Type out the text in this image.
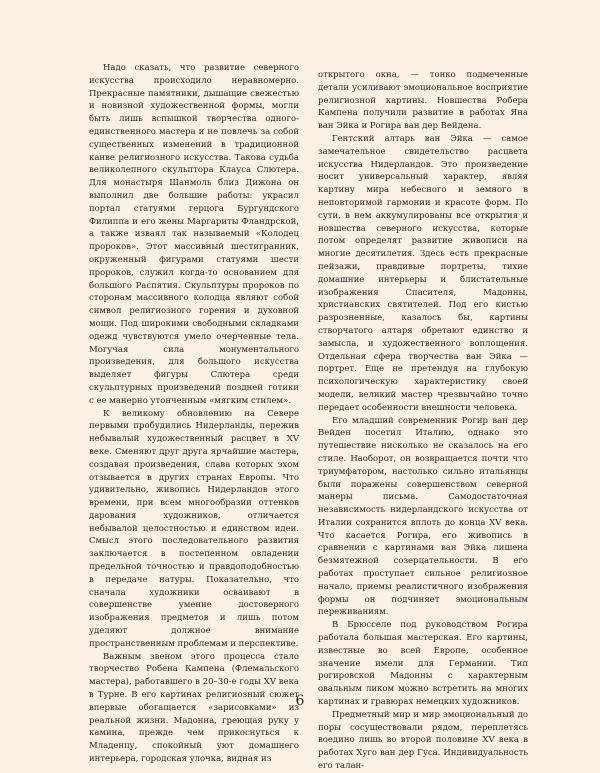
Надо сказать, что развитие северного искусства происходило неравномерно. Прекрасные памятники, дышащие свежестью и новизной художественной формы, могли быть лишь вспышкой творчества одного-единственного мастера и не повлечь за собой существенных изменений в традиционной канве религиозного искусства. Такова судьба великолепного скульптора Клауса Слютера. Для монастыря Шанмоль близ Дижона он выполнил две большие работы: украсил портал статуями герцога Бургундского Филиппа и его жены Маргариты Фландрской, а также изваял так называемый «Колодец пророков». Этот массивный шестигранник, окруженный фигурами статуями шести пророков, служил когда-то основанием для большого Распятия. Скульптуры пророков по сторонам массивного колодца являют собой символ религиозного горения и духовной мощи. Под широкими свободными складками одежд чувствуются умело очерченные тела. Могучая сила монументального произведения, для большого искусства выделяет фигуры Слютера среди скульптурных произведений поздней готики с ее манерно утонченным «мягким стилем».

К великому обновлению на Севере первыми пробудились Нидерланды, пережив небывалый художественный расцвет в XV веке. Сменяют друг друга ярчайшие мастера, создавая произведения, слава которых эхом отзывается в других странах Европы. Что удивительно, живопись Нидерландов этого времени, при всем многообразии оттенков дарования художников, отличается небывалой целостностью и единством идеи. Смысл этого последовательного развития заключается в постепенном овладении предельной точностью и правдоподобностью в передаче натуры. Показательно, что сначала художники осваивают в совершенстве умение достоверного изображения предметов и лишь потом уделяют должное внимание пространственным проблемам и перспективе.

Важным звеном этого процесса стало творчество Робена Кампена (Флемальского мастера), работавшего в 20–30-е годы XV века в Турне. В его картинах религиозный сюжет впервые обогащается «зарисовками» из реальной жизни. Мадонна, греющая руку у камина, прежде чем прикоснуться к Младенцу, спокойный уют домашнего интерьера, городская улочка, видная из

открытого окна, — тонко подмеченные детали усиливают эмоциональное восприятие религиозной картины. Новшества Робера Кампена получили развитие в работах Яна ван Эйка и Рогира ван дер Вейдена.

Гентский алтарь ван Эйка — самое замечательное свидетельство расцвета искусства Нидерландов. Это произведение носит универсальный характер, являя картину мира небесного и земного в неповторимой гармонии и красоте форм. По сути, в нем аккумулированы все открытия и новшества северного искусства, которые потом определят развитие живописи на многие десятилетия. Здесь есть прекрасные пейзажи, правдивые портреты, тихие домашние интерьеры и блистательные изображения Спасителя, Мадонны, христианских святителей. Под его кистью разрозненные, казалось бы, картины створчатого алтаря обретают единство и замысла, и художественного воплощения. Отдельная сфера творчества ван Эйка — портрет. Еще не претендуя на глубокую психологическую характеристику своей модели, великий мастер чрезвычайно точно передает особенности внешности человека.

Его младший современник Рогир ван дер Вейден посетил Италию, однако это путешествие нисколько не сказалось на его стиле. Наоборот, он возвращается почти что триумфатором, настолько сильно итальянцы были поражены совершенством северной манеры письма. Самодостаточная независимость нидерландского искусства от Италии сохранится вплоть до конца XV века. Что касается Рогира, его живопись в сравнении с картинами ван Эйка лишена безмятежной созерцательности. В его работах проступает сильное религиозное начало, приемы реалистичного изображения формы он подчиняет эмоциональным переживаниям.

В Брюсселе под руководством Рогира работала большая мастерская. Его картины, известные во всей Европе, особенное значение имели для Германии. Тип рогировской Мадонны с характерным овальным ликом можно встретить на многих картинах и гравюрах немецких художников.

Предметный мир и мир эмоциональный до поры сосуществовали рядом, переплетясь воедино лишь во второй половине XV века в работах Хуго ван дер Гуса. Индивидуальность его талан-

6
